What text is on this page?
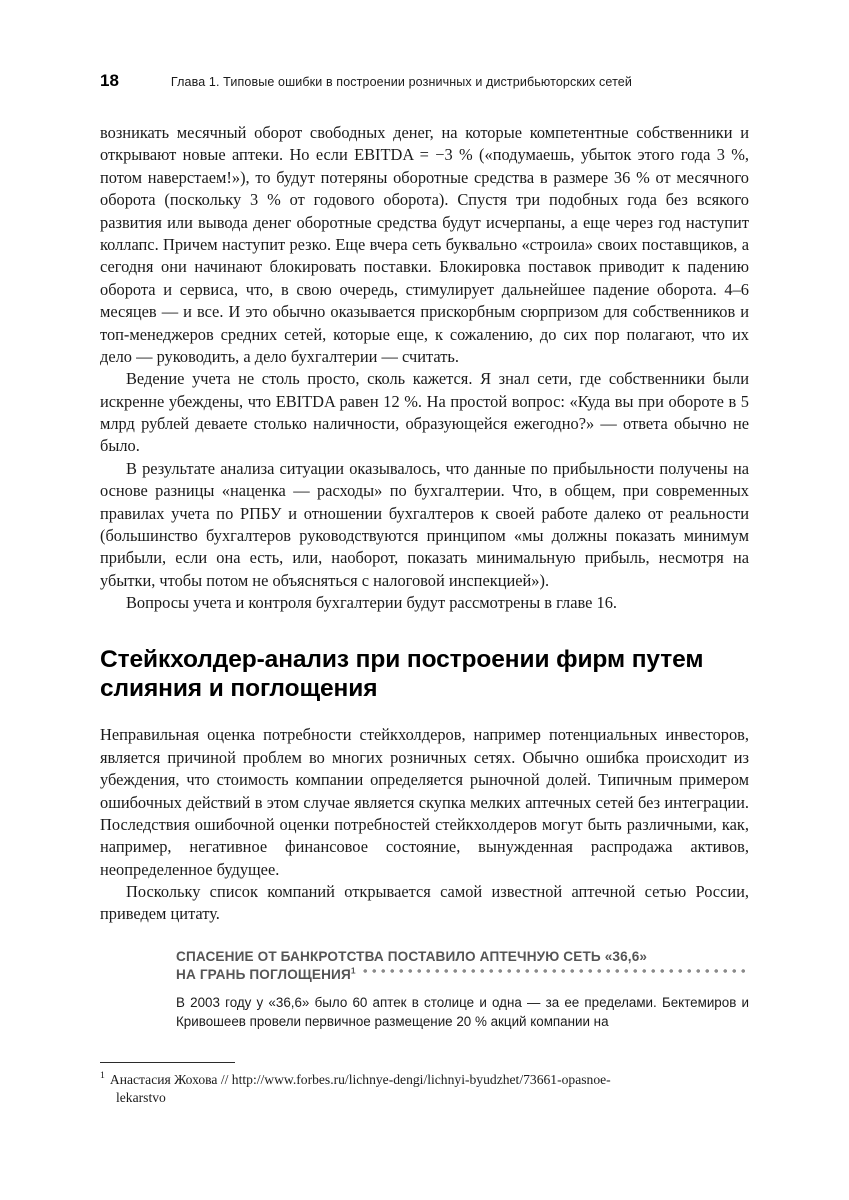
18	Глава 1. Типовые ошибки в построении розничных и дистрибьюторских сетей

возникать месячный оборот свободных денег, на которые компетентные собственники и открывают новые аптеки. Но если EBITDA = −3 % («подумаешь, убыток этого года 3 %, потом наверстаем!»), то будут потеряны оборотные средства в размере 36 % от месячного оборота (поскольку 3 % от годового оборота). Спустя три подобных года без всякого развития или вывода денег оборотные средства будут исчерпаны, а еще через год наступит коллапс. Причем наступит резко. Еще вчера сеть буквально «строила» своих поставщиков, а сегодня они начинают блокировать поставки. Блокировка поставок приводит к падению оборота и сервиса, что, в свою очередь, стимулирует дальнейшее падение оборота. 4–6 месяцев — и все. И это обычно оказывается прискорбным сюрпризом для собственников и топ-менеджеров средних сетей, которые еще, к сожалению, до сих пор полагают, что их дело — руководить, а дело бухгалтерии — считать.

Ведение учета не столь просто, сколь кажется. Я знал сети, где собственники были искренне убеждены, что EBITDA равен 12 %. На простой вопрос: «Куда вы при обороте в 5 млрд рублей деваете столько наличности, образующейся ежегодно?» — ответа обычно не было.

В результате анализа ситуации оказывалось, что данные по прибыльности получены на основе разницы «наценка — расходы» по бухгалтерии. Что, в общем, при современных правилах учета по РПБУ и отношении бухгалтеров к своей работе далеко от реальности (большинство бухгалтеров руководствуются принципом «мы должны показать минимум прибыли, если она есть, или, наоборот, показать минимальную прибыль, несмотря на убытки, чтобы потом не объясняться с налоговой инспекцией»).

Вопросы учета и контроля бухгалтерии будут рассмотрены в главе 16.

Стейкхолдер-анализ при построении фирм путем слияния и поглощения

Неправильная оценка потребности стейкхолдеров, например потенциальных инвесторов, является причиной проблем во многих розничных сетях. Обычно ошибка происходит из убеждения, что стоимость компании определяется рыночной долей. Типичным примером ошибочных действий в этом случае является скупка мелких аптечных сетей без интеграции. Последствия ошибочной оценки потребностей стейкхолдеров могут быть различными, как, например, негативное финансовое состояние, вынужденная распродажа активов, неопределенное будущее.

Поскольку список компаний открывается самой известной аптечной сетью России, приведем цитату.

СПАСЕНИЕ ОТ БАНКРОТСТВА ПОСТАВИЛО АПТЕЧНУЮ СЕТЬ «36,6»
НА ГРАНЬ ПОГЛОЩЕНИЯ$^1$
В 2003 году у «36,6» было 60 аптек в столице и одна — за ее пределами. Бектемиров и Кривошеев провели первичное размещение 20 % акций компании на
$^1$ Анастасия Жохова // http://www.forbes.ru/lichnye-dengi/lichnyi-byudzhet/73661-opasnoe-
lekarstvo
